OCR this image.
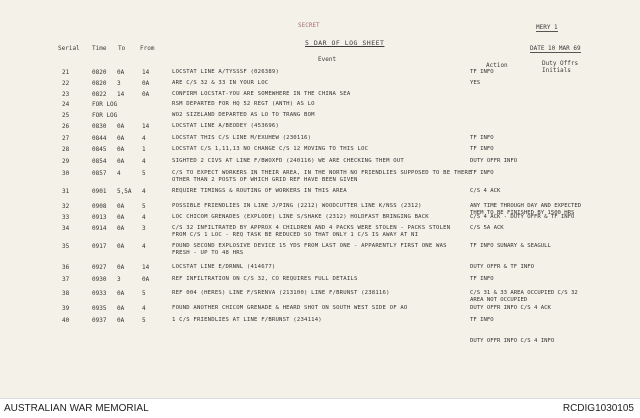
SECRET
5 DAR OF LOG SHEET
MERY 1
DATE 10 MAR 69
Serial Time To From
Event
Action	Duty Offrs Initials
21	0820 0A	14	LOCSTAT LINE A/TYSSSF (026389)	TF INFO
22	0820 3	0A	ARE C/S 32 & 33 IN YOUR LOC	YES
23	0822 14	0A	CONFIRM LOCSTAT-YOU ARE SOMEWHERE IN THE CHINA SEA
24	FOR LOG	RSM DEPARTED FOR HQ 52 REGT (ANTH) AS LO
25	FOR LOG	WO2 SIZELAND DEPARTED AS LO TO TRANG BOM
26	0830 0A	14	LOCSTAT LINE A/BEODEY (453696)
27	0844 0A	4	LOCSTAT THIS C/S LINE M/EXUHEW (230116)	TF INFO
28	0845 0A	1	LOCSTAT C/S 1,11,13 NO CHANGE C/S 12 MOVING TO THIS LOC	TF INFO
29	0854 0A	4	SIGHTED 2 CIVS AT LINE F/BWOXFD (240116) WE ARE CHECKING THEM OUT	DUTY OFFR INFO
30	0857 4	5	C/S TO EXPECT WORKERS IN THEIR AREA, IN THE NORTH NO FRIENDLIES SUPPOSED TO BE THERE
OTHER THAN 2 POSTS OF WHICH GRID REF HAVE BEEN GIVEN
TF INFO
31	0901 5,5A 4	REQUIRE TIMINGS & ROUTING OF WORKERS IN THIS AREA	C/S 4 ACK
32	0908 0A	5	POSSIBLE FRIENDLIES IN LINE J/PING (2212) WOODCUTTER LINE K/NSS (2312)	ANY TIME THROUGH DAY AND EXPECTED THEM TO BE FINISHED BY 1500 HRS
33	0913 0A	4	LOC CHICOM GRENADES (EXPLODE) LINE S/SHAKE (2312) HOLDFAST BRINGING BACK	C/S 4 ACK - DUTY OFFR & TF INFO
34	0914 0A	3	C/S 32 INFILTRATED BY APPROX 4 CHILDREN AND 4 PACKS WERE STOLEN - PACKS STOLEN
FROM C/S 1 LOC - REQ TASK BE REDUCED SO THAT ONLY 1 C/S IS AWAY AT NI
C/S 5A ACK
35	0917 0A	4	FOUND SECOND EXPLOSIVE DEVICE 15 YDS FROM LAST ONE - APPARENTLY FIRST ONE WAS
FRESH - UP TO 48 HRS
TF INFO SUNARY & SEAGULL
36	0927 0A	14	LOCSTAT LINE E/DRNNL (414677)	DUTY OFFR & TF INFO
37	0930 3	0A	REF INFILTRATION ON C/S 32, CO REQUIRES FULL DETAILS	TF INFO
38	0933 0A	5	REF 004 (HERES) LINE F/SRENVA (213100) LINE F/BRUNST (238116)	C/S 31 & 33 AREA OCCUPIED C/S 32 AREA NOT OCCUPIED
39	0935 0A	4	FOUND ANOTHER CHICOM GRENADE & HEARD SHOT ON SOUTH WEST SIDE OF AO	DUTY OFFR INFO C/S 4 ACK
40	0937 0A	5	1 C/S FRIENDLIES AT LINE F/BRUNST (234114)	TF INFO
DUTY OFFR INFO C/S 4 INFO
AUSTRALIAN WAR MEMORIAL	RCDIG1030105
